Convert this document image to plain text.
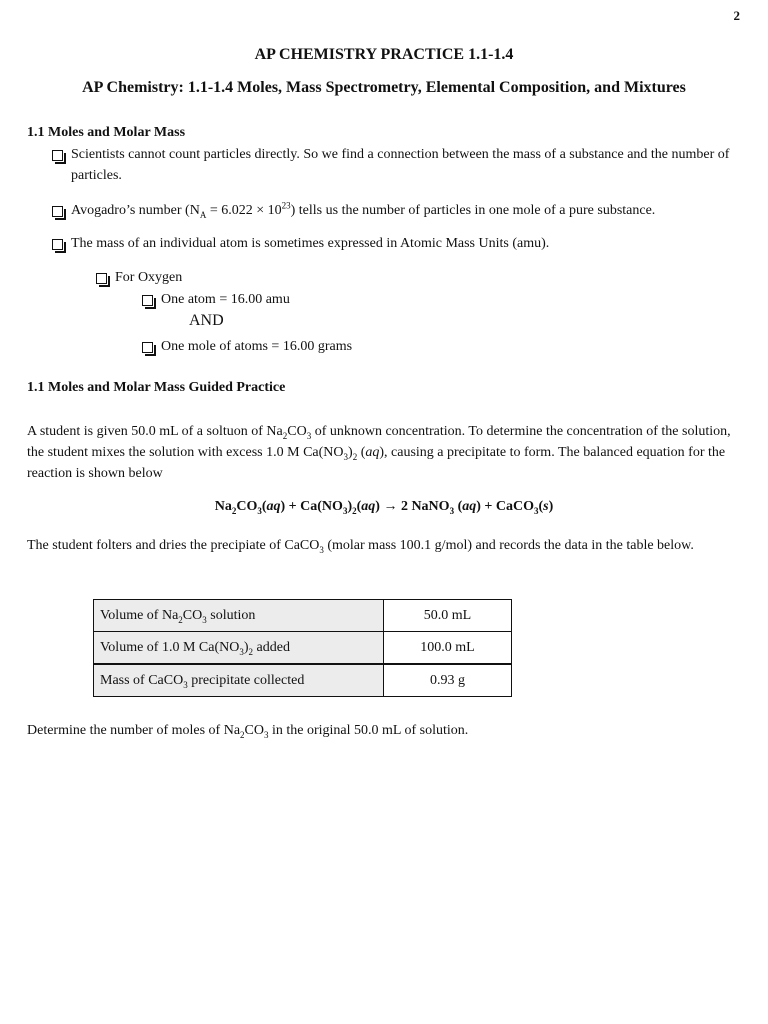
2
AP CHEMISTRY PRACTICE 1.1-1.4
AP Chemistry: 1.1-1.4 Moles, Mass Spectrometry, Elemental Composition, and Mixtures
1.1 Moles and Molar Mass
Scientists cannot count particles directly. So we find a connection between the mass of a substance and the number of particles.
Avogadro’s number $(N_A = 6.022 \times 10^{23})$ tells us the number of particles in one mole of a pure substance.
The mass of an individual atom is sometimes expressed in Atomic Mass Units (amu).
For Oxygen
One atom = 16.00 amu
AND
One mole of atoms = 16.00 grams
1.1 Moles and Molar Mass Guided Practice
A student is given 50.0 mL of a soltuon of $Na_2CO_3$ of unknown concentration. To determine the concentration of the solution, the student mixes the solution with excess 1.0 M $Ca(NO_3)_2$ (aq), causing a precipitate to form. The balanced equation for the reaction is shown below
$Na_2CO_3(aq) + Ca(NO_3)_2(aq) \to 2$ NaNO$_3$ (aq) + CaCO$_3$(s)
The student folters and dries the precipiate of CaCO$_3$ (molar mass 100.1 g/mol) and records the data in the table below.
Volume of $Na_2CO_3$ solution	50.0 mL
Volume of 1.0 M $Ca(NO_3)_2$ added	100.0 mL
Mass of CaCO$_3$ precipitate collected	0.93 g
Determine the number of moles of $Na_2CO_3$ in the original 50.0 mL of solution.
